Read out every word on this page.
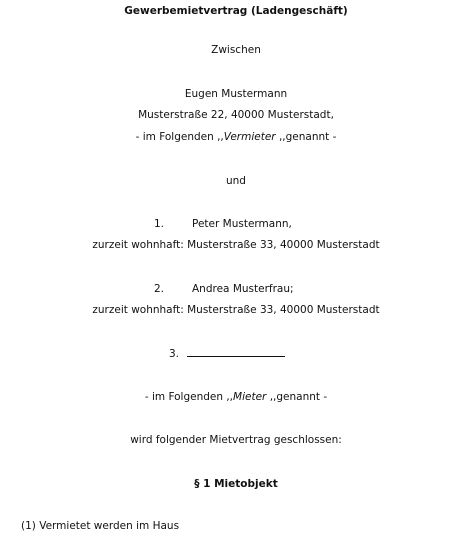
Gewerbemietvertrag (Ladengeschäft)
Zwischen
Eugen Mustermann
Musterstraße 22, 40000 Musterstadt,
- im Folgenden ,,Vermieter ,,genannt -
und
1.	Peter Mustermann,
zurzeit wohnhaft: Musterstraße 33, 40000 Musterstadt
2.	Andrea Musterfrau;
zurzeit wohnhaft: Musterstraße 33, 40000 Musterstadt
3.
- im Folgenden ,,Mieter ,,genannt -
wird folgender Mietvertrag geschlossen:
§ 1 Mietobjekt
(1) Vermietet werden im Haus
